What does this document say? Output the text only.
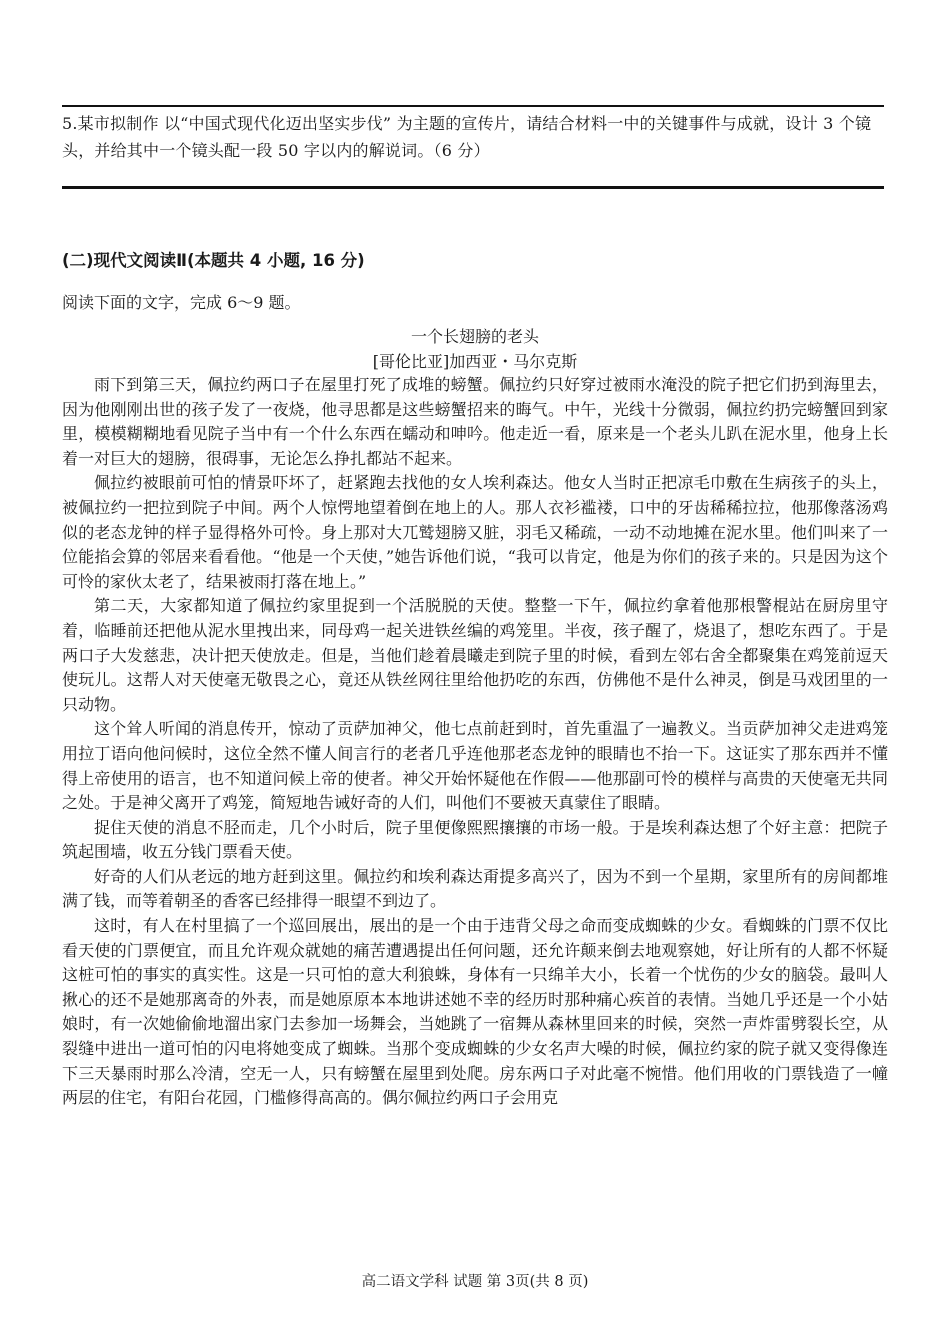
5.某市拟制作 以“中国式现代化迈出坚实步伐” 为主题的宣传片，请结合材料一中的关键事件与成就，设计 3 个镜头，并给其中一个镜头配一段 50 字以内的解说词。（6 分）
(二)现代文阅读Ⅱ(本题共 4 小题, 16 分)
阅读下面的文字，完成 6～9 题。
一个长翅膀的老头
[哥伦比亚]加西亚・马尔克斯

雨下到第三天，佩拉约两口子在屋里打死了成堆的螃蟹。佩拉约只好穿过被雨水淹没的院子把它们扔到海里去，因为他刚刚出世的孩子发了一夜烧，他寻思都是这些螃蟹招来的晦气。中午，光线十分微弱，佩拉约扔完螃蟹回到家里，模模糊糊地看见院子当中有一个什么东西在蠕动和呻吟。他走近一看，原来是一个老头儿趴在泥水里，他身上长着一对巨大的翅膀，很碍事，无论怎么挣扎都站不起来。

佩拉约被眼前可怕的情景吓坏了，赶紧跑去找他的女人埃利森达。他女人当时正把凉毛巾敷在生病孩子的头上，被佩拉约一把拉到院子中间。两个人惊愕地望着倒在地上的人。那人衣衫褴褛，口中的牙齿稀稀拉拉，他那像落汤鸡似的老态龙钟的样子显得格外可怜。身上那对大兀鹫翅膀又脏，羽毛又稀疏，一动不动地摊在泥水里。他们叫来了一位能掐会算的邻居来看看他。“他是一个天使，”她告诉他们说，“我可以肯定，他是为你们的孩子来的。只是因为这个可怜的家伙太老了，结果被雨打落在地上。”

第二天，大家都知道了佩拉约家里捉到一个活脱脱的天使。整整一下午，佩拉约拿着他那根警棍站在厨房里守着，临睡前还把他从泥水里拽出来，同母鸡一起关进铁丝编的鸡笼里。半夜，孩子醒了，烧退了，想吃东西了。于是两口子大发慈悲，决计把天使放走。但是，当他们趁着晨曦走到院子里的时候，看到左邻右舍全都聚集在鸡笼前逗天使玩儿。这帮人对天使毫无敬畏之心，竟还从铁丝网往里给他扔吃的东西，仿佛他不是什么神灵，倒是马戏团里的一只动物。

这个耸人听闻的消息传开，惊动了贡萨加神父，他七点前赶到时，首先重温了一遍教义。当贡萨加神父走进鸡笼用拉丁语向他问候时，这位全然不懂人间言行的老者几乎连他那老态龙钟的眼睛也不抬一下。这证实了那东西并不懂得上帝使用的语言，也不知道问候上帝的使者。神父开始怀疑他在作假——他那副可怜的模样与高贵的天使毫无共同之处。于是神父离开了鸡笼，简短地告诫好奇的人们，叫他们不要被天真蒙住了眼睛。

捉住天使的消息不胫而走，几个小时后，院子里便像熙熙攘攘的市场一般。于是埃利森达想了个好主意：把院子筑起围墙，收五分钱门票看天使。

好奇的人们从老远的地方赶到这里。佩拉约和埃利森达甭提多高兴了，因为不到一个星期，家里所有的房间都堆满了钱，而等着朝圣的香客已经排得一眼望不到边了。

这时，有人在村里搞了一个巡回展出，展出的是一个由于违背父母之命而变成蜘蛛的少女。看蜘蛛的门票不仅比看天使的门票便宜，而且允许观众就她的痛苦遭遇提出任何问题，还允许颠来倒去地观察她，好让所有的人都不怀疑这桩可怕的事实的真实性。这是一只可怕的意大利狼蛛，身体有一只绵羊大小，长着一个忧伤的少女的脑袋。最叫人揪心的还不是她那离奇的外表，而是她原原本本地讲述她不幸的经历时那种痛心疾首的表情。当她几乎还是一个小姑娘时，有一次她偷偷地溜出家门去参加一场舞会，当她跳了一宿舞从森林里回来的时候，突然一声炸雷劈裂长空，从裂缝中进出一道可怕的闪电将她变成了蜘蛛。当那个变成蜘蛛的少女名声大噪的时候，佩拉约家的院子就又变得像连下三天暴雨时那么冷清，空无一人，只有螃蟹在屋里到处爬。房东两口子对此毫不惋惜。他们用收的门票钱造了一幢两层的住宅，有阳台花园，门槛修得高高的。偶尔佩拉约两口子会用克

高二语文学科 试题 第 3页(共 8 页)
